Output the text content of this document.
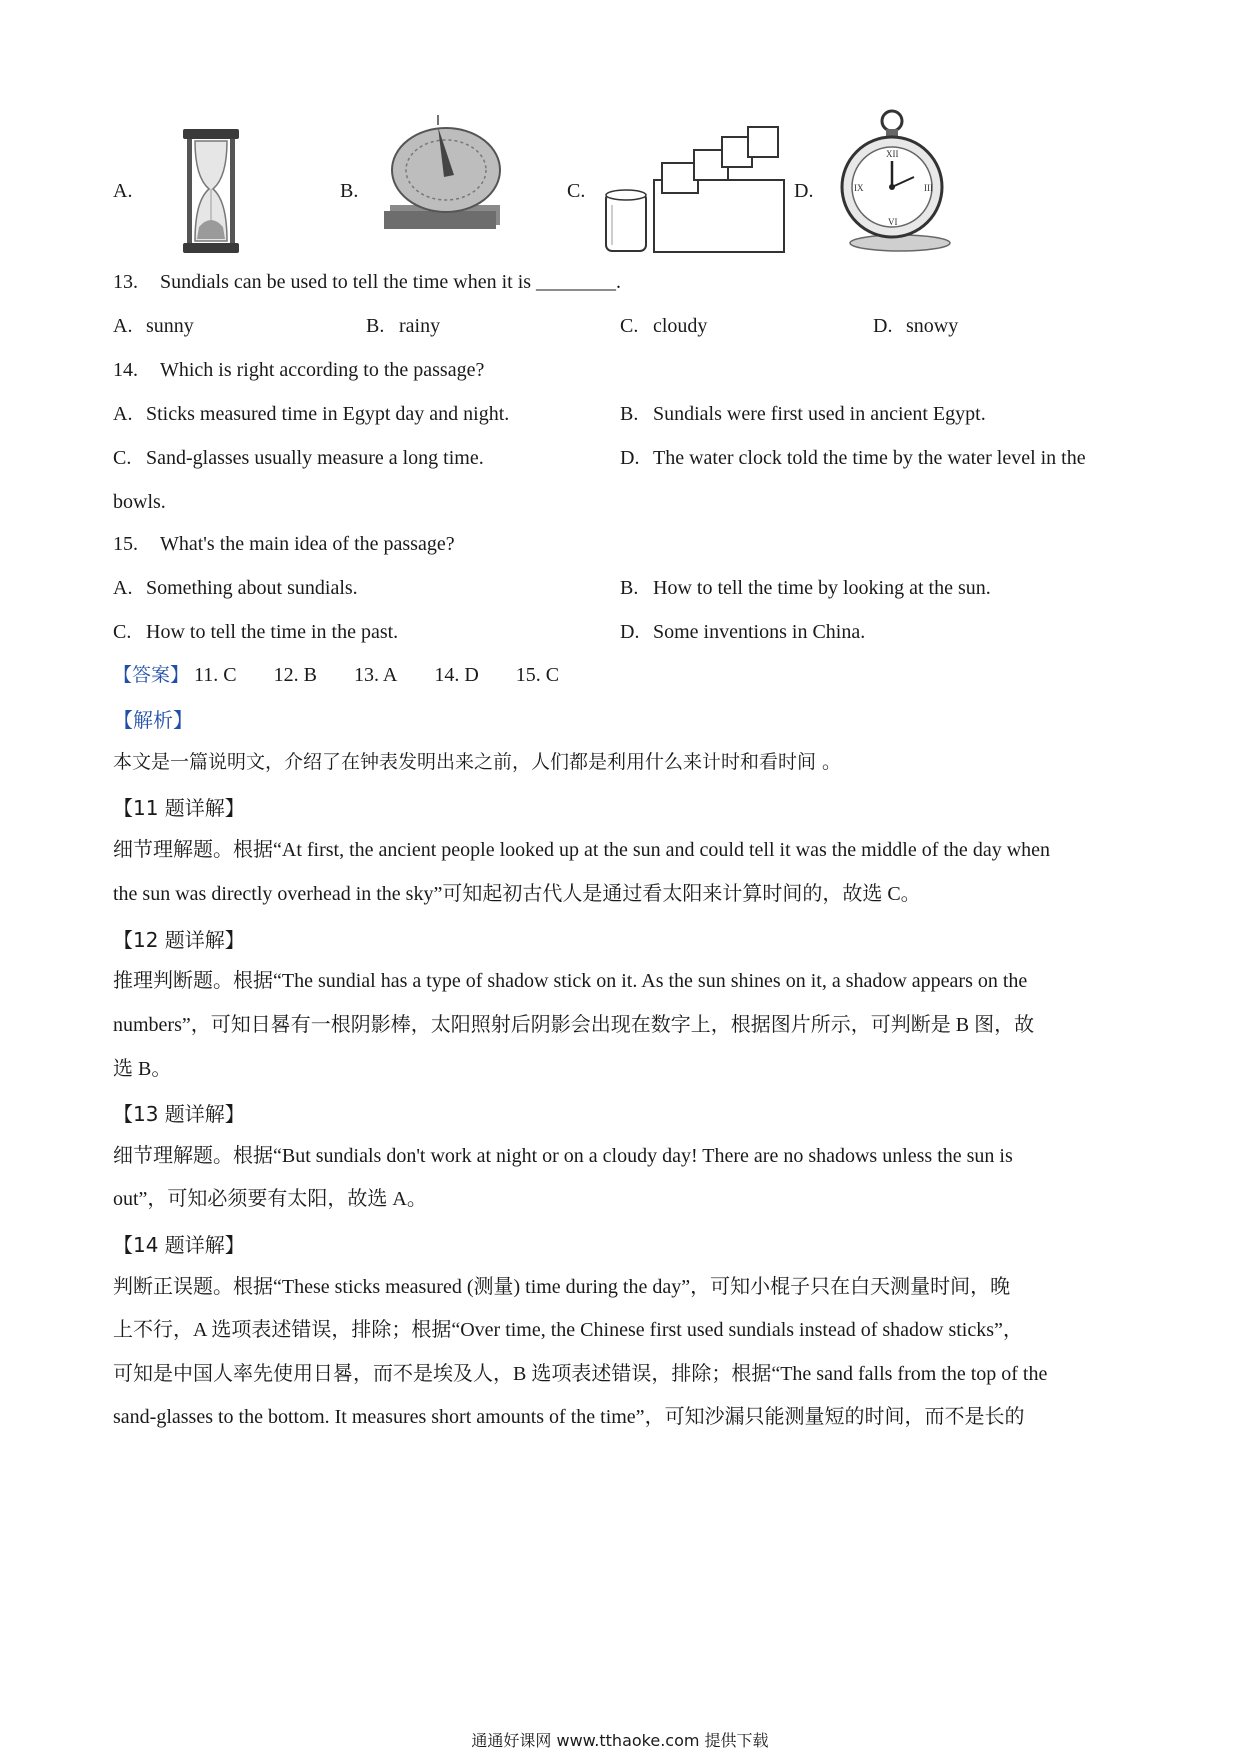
A.	B.	C.	D.
XII
III
VI
IX
13. Sundials can be used to tell the time when it is ________.
A. sunny	B. rainy	C. cloudy	D. snowy
14. Which is right according to the passage?
A. Sticks measured time in Egypt day and night.	B. Sundials were first used in ancient Egypt.
C. Sand-glasses usually measure a long time.	D. The water clock told the time by the water level in the
bowls.
15. What's the main idea of the passage?
A. Something about sundials.	B. How to tell the time by looking at the sun.
C. How to tell the time in the past.	D. Some inventions in China.
【答案】 11. C 12. B 13. A 14. D 15. C
【解析】
本文是一篇说明文，介绍了在钟表发明出来之前，人们都是利用什么来计时和看时间 。
【11 题详解】
细节理解题。根据“At first, the ancient people looked up at the sun and could tell it was the middle of the day when
the sun was directly overhead in the sky”可知起初古代人是通过看太阳来计算时间的，故选 C。
【12 题详解】
推理判断题。根据“The sundial has a type of shadow stick on it. As the sun shines on it, a shadow appears on the
numbers”，可知日晷有一根阴影棒，太阳照射后阴影会出现在数字上，根据图片所示，可判断是 B 图，故
选 B。
【13 题详解】
细节理解题。根据“But sundials don't work at night or on a cloudy day! There are no shadows unless the sun is
out”，可知必须要有太阳，故选 A。
【14 题详解】
判断正误题。根据“These sticks measured (测量) time during the day”，可知小棍子只在白天测量时间，晚
上不行，A 选项表述错误，排除；根据“Over time, the Chinese first used sundials instead of shadow sticks”，
可知是中国人率先使用日晷，而不是埃及人，B 选项表述错误，排除；根据“The sand falls from the top of the
sand-glasses to the bottom. It measures short amounts of the time”，可知沙漏只能测量短的时间，而不是长的
通通好课网 www.tthaoke.com 提供下载
